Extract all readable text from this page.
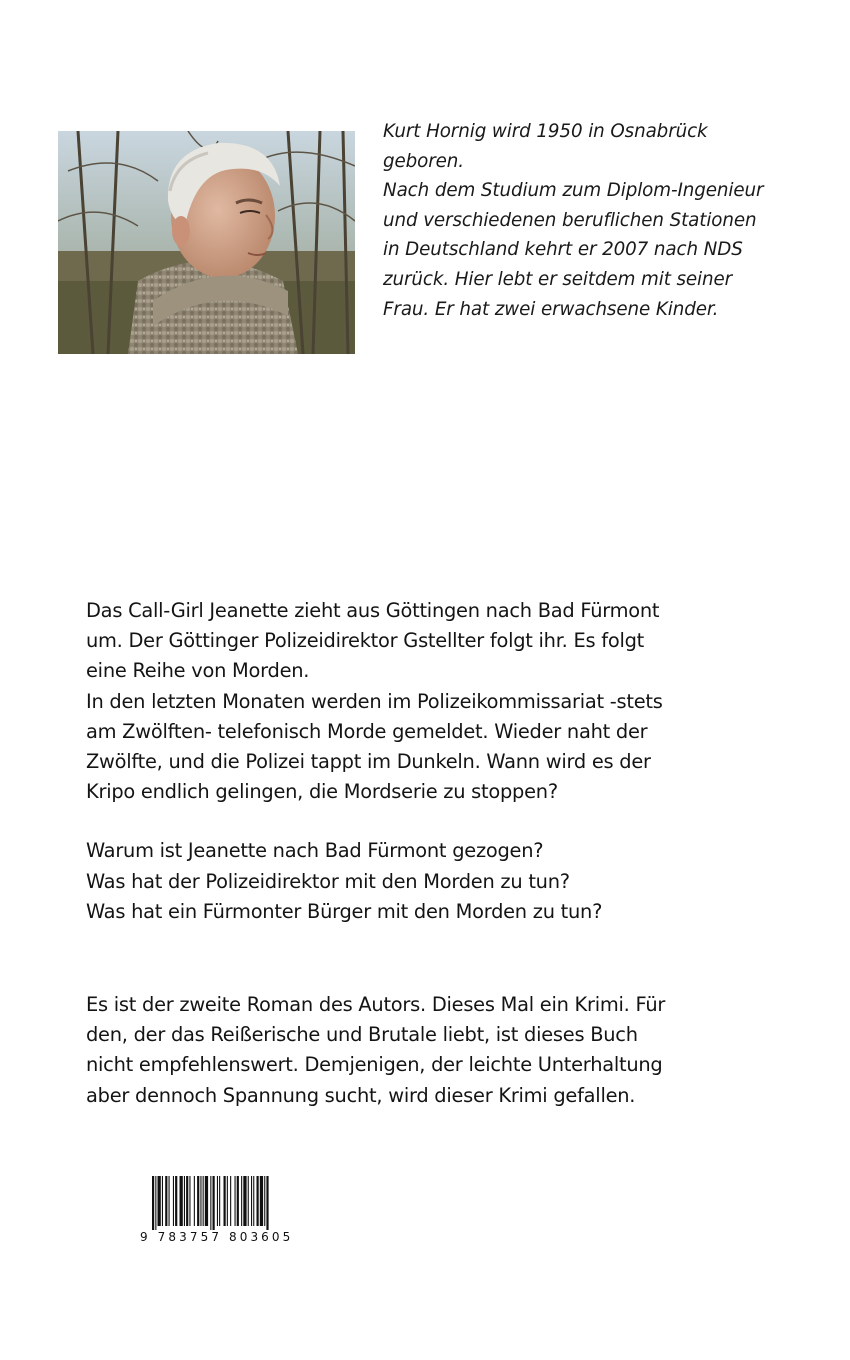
Kurt Hornig wird 1950 in Osnabrück

geboren.

Nach dem Studium zum Diplom-Ingenieur

und verschiedenen beruflichen Stationen

in Deutschland kehrt er 2007 nach NDS

zurück. Hier lebt er seitdem mit seiner

Frau. Er hat zwei erwachsene Kinder.

Das Call-Girl Jeanette zieht aus Göttingen nach Bad Fürmont

um. Der Göttinger Polizeidirektor Gstellter folgt ihr. Es folgt

eine Reihe von Morden.

In den letzten Monaten werden im Polizeikommissariat -stets

am Zwölften- telefonisch Morde gemeldet. Wieder naht der

Zwölfte, und die Polizei tappt im Dunkeln. Wann wird es der

Kripo endlich gelingen, die Mordserie zu stoppen?

Warum ist Jeanette nach Bad Fürmont gezogen?

Was hat der Polizeidirektor mit den Morden zu tun?

Was hat ein Fürmonter Bürger mit den Morden zu tun?

Es ist der zweite Roman des Autors. Dieses Mal ein Krimi. Für

den, der das Reißerische und Brutale liebt, ist dieses Buch

nicht empfehlenswert. Demjenigen, der leichte Unterhaltung

aber dennoch Spannung sucht, wird dieser Krimi gefallen.

9 783757 803605
